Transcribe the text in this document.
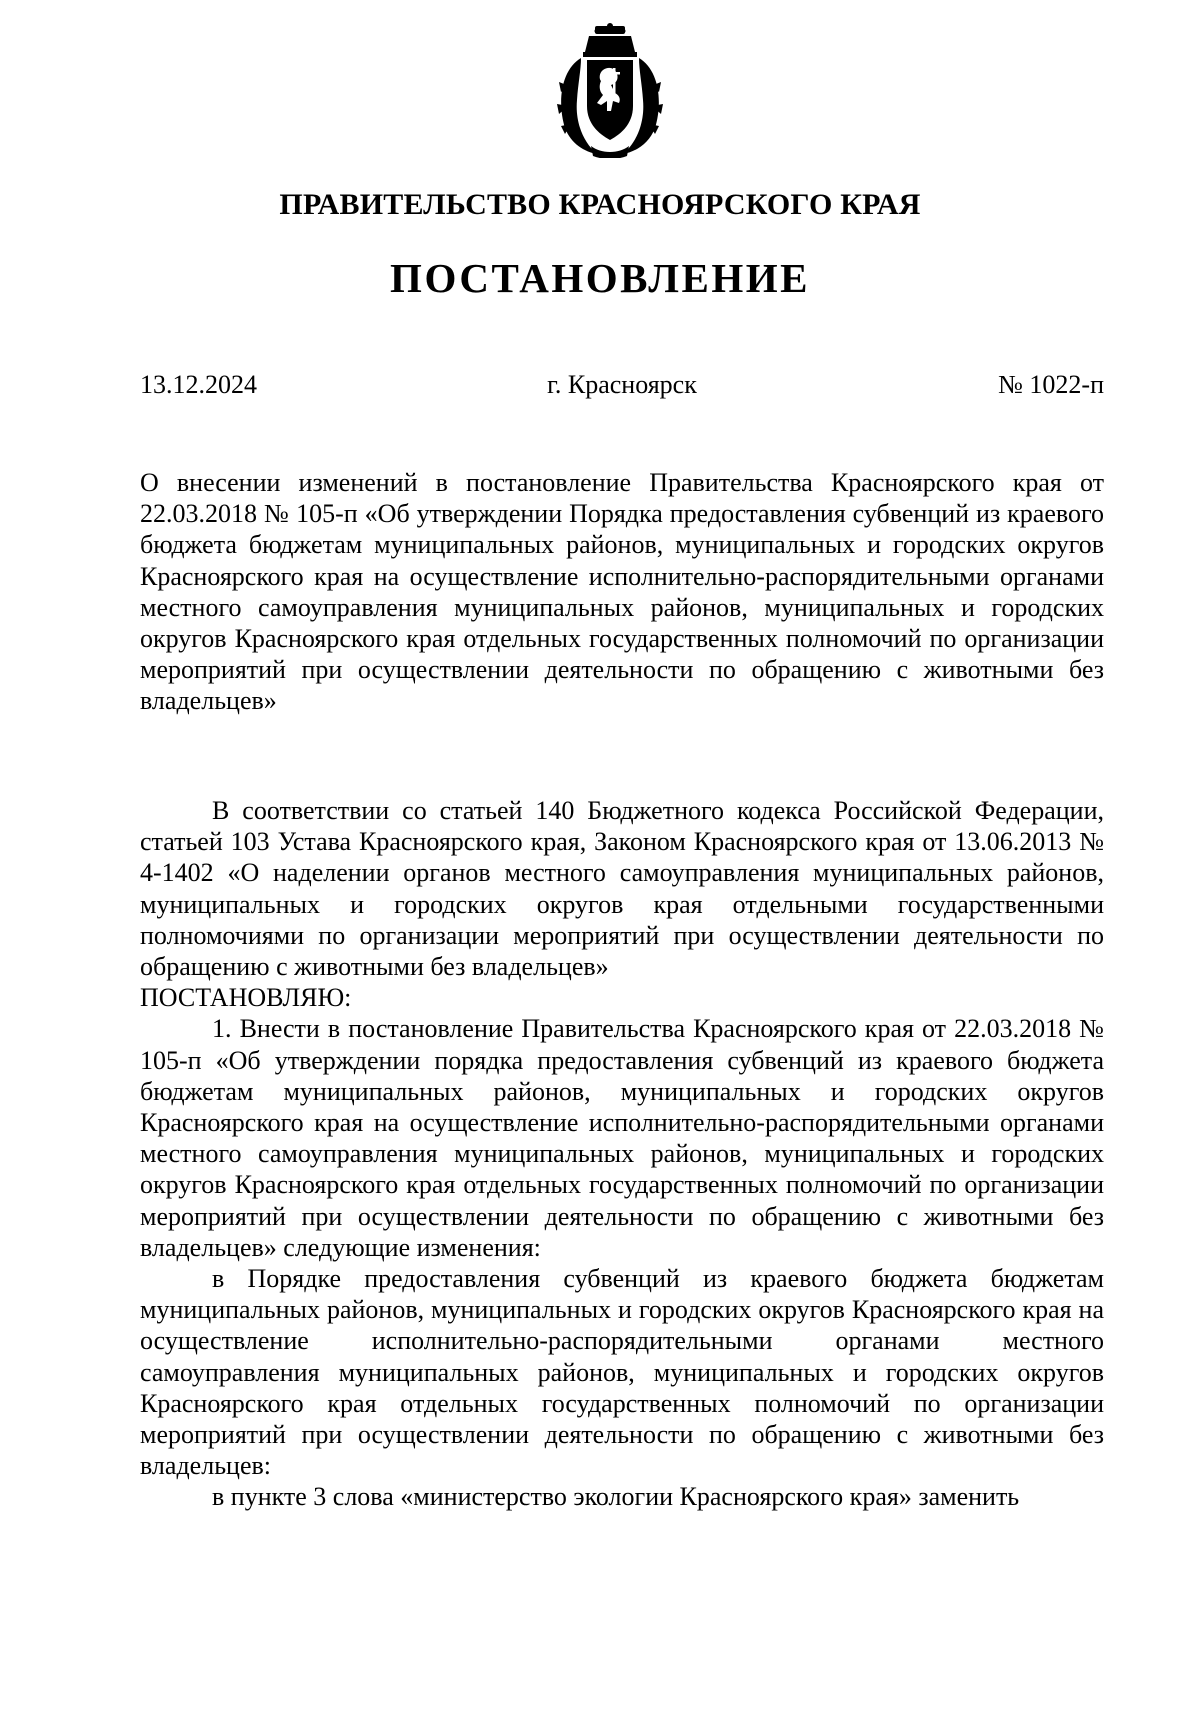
ПРАВИТЕЛЬСТВО КРАСНОЯРСКОГО КРАЯ
ПОСТАНОВЛЕНИЕ
13.12.2024	г. Красноярск	№ 1022-п
О внесении изменений в постановление Правительства Красноярского края от 22.03.2018 № 105-п «Об утверждении Порядка предоставления субвенций из краевого бюджета бюджетам муниципальных районов, муниципальных и городских округов Красноярского края на осуществление исполнительно-распорядительными органами местного самоуправления муниципальных районов, муниципальных и городских округов Красноярского края отдельных государственных полномочий по организации мероприятий при осуществлении деятельности по обращению с животными без владельцев»

В соответствии со статьей 140 Бюджетного кодекса Российской Федерации, статьей 103 Устава Красноярского края, Законом Красноярского края от 13.06.2013 № 4-1402 «О наделении органов местного самоуправления муниципальных районов, муниципальных и городских округов края отдельными государственными полномочиями по организации мероприятий при осуществлении деятельности по обращению с животными без владельцев»

ПОСТАНОВЛЯЮ:

1. Внести в постановление Правительства Красноярского края от 22.03.2018 № 105-п «Об утверждении порядка предоставления субвенций из краевого бюджета бюджетам муниципальных районов, муниципальных и городских округов Красноярского края на осуществление исполнительно-распорядительными органами местного самоуправления муниципальных районов, муниципальных и городских округов Красноярского края отдельных государственных полномочий по организации мероприятий при осуществлении деятельности по обращению с животными без владельцев» следующие изменения:

в Порядке предоставления субвенций из краевого бюджета бюджетам муниципальных районов, муниципальных и городских округов Красноярского края на осуществление исполнительно-распорядительными органами местного самоуправления муниципальных районов, муниципальных и городских округов Красноярского края отдельных государственных полномочий по организации мероприятий при осуществлении деятельности по обращению с животными без владельцев:

в пункте 3 слова «министерство экологии Красноярского края» заменить
